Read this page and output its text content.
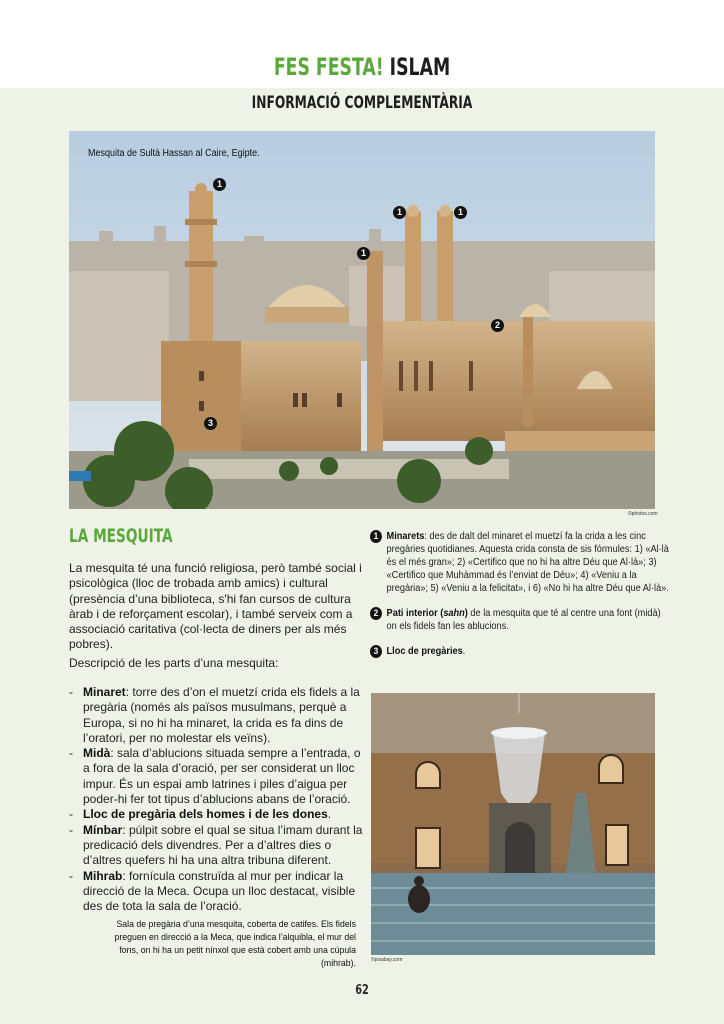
FES FESTA! ISLAM
INFORMACIÓ COMPLEMENTÀRIA
1
1	1
1
2
3
Mesquita de Sultà Hassan al Caire, Egipte.
©photos.com
LA MESQUITA

La mesquita té una funció religiosa, però també social i psicològica (lloc de trobada amb amics) i cultural (presència d’una biblioteca, s'hi fan cursos de cultura àrab i de reforçament escolar), i també serveix com a associació caritativa (col·lecta de diners per als més pobres).

Descripció de les parts d’una mesquita:

- Minaret: torre des d’on el muetzí crida els fidels a la pregària (només als països musulmans, perquè a Europa, si no hi ha minaret, la crida es fa dins de l’oratori, per no molestar els veïns).
- Midà: sala d’ablucions situada sempre a l’entrada, o a fora de la sala d’oració, per ser considerat un lloc impur. És un espai amb latrines i piles d’aigua per poder-hi fer tot tipus d’ablucions abans de l’oració.
- Lloc de pregària dels homes i de les dones.
- Mínbar: púlpit sobre el qual se situa l’imam durant la predicació dels divendres. Per a d’altres dies o d’altres quefers hi ha una altra tribuna diferent.
- Mihrab: fornícula construïda al mur per indicar la direcció de la Meca. Ocupa un lloc destacat, visible des de tota la sala de l’oració.
Sala de pregària d’una mesquita, coberta de catifes. Els fidels preguen en direcció a la Meca, que indica l’alquibla, el mur del fons, on hi ha un petit nínxol que està cobert amb una cúpula (mihrab).
1 Minarets: des de dalt del minaret el muetzí fa la crida a les cinc pregàries quotidianes. Aquesta crida consta de sis fórmules: 1) «Al·là és el més gran»; 2) «Certifico que no hi ha altre Déu que Al·là»; 3) «Certifico que Muhàmmad és l’enviat de Déu»; 4) «Veniu a la pregària»; 5) «Veniu a la felicitat», i 6) «No hi ha altre Déu que Al·là».
2 Pati interior (sahn) de la mesquita que té al centre una font (midà) on els fidels fan les ablucions.
3 Lloc de pregàries.
©pixabay.com
62
